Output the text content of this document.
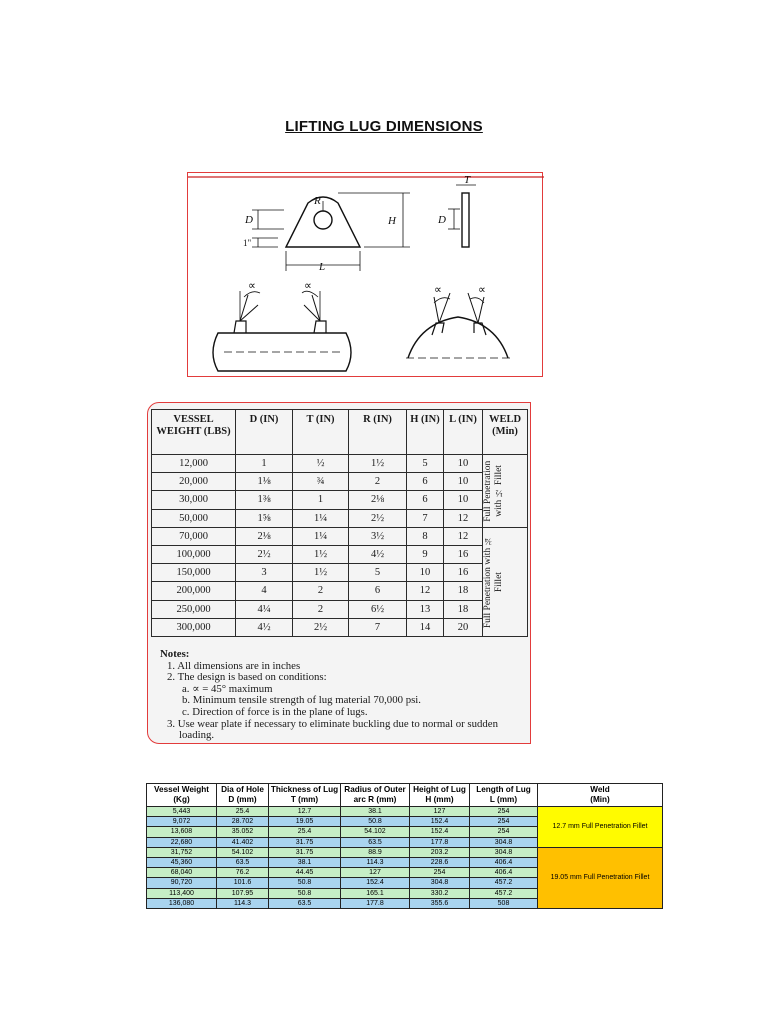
LIFTING LUG DIMENSIONS
R
D
1"
H
L
D
T
∝	∝	∝	∝
VESSEL WEIGHT (LBS)	D (IN)	T (IN)	R (IN)	H (IN)	L (IN)	WELD (Min)
12,000	1	½	1½	5	10	Full Penetration with ½ Fillet

20,000	1⅛	¾	2	6	10	
30,000	1⅜	1	2⅛	6	10	
50,000	1⅝	1¼	2½	7	12	
70,000	2⅛	1¼	3½	8	12	Full Penetration with ¾ Fillet

100,000	2½	1½	4½	9	16	
150,000	3	1½	5	10	16	
200,000	4	2	6	12	18	
250,000	4¼	2	6½	13	18	
300,000	4½	2½	7	14	20	
Notes:
1. All dimensions are in inches
2. The design is based on conditions:
a. ∝ = 45° maximum
b. Minimum tensile strength of lug material 70,000 psi.
c. Direction of force is in the plane of lugs.
3. Use wear plate if necessary to eliminate buckling due to normal or sudden
loading.
Vessel Weight
(Kg)	Dia of Hole
D (mm)	Thickness of Lug
T (mm)	Radius of Outer
arc R (mm)	Height of Lug
H (mm)	Length of Lug
L (mm)	Weld
(Min)
5,443	25.4	12.7	38.1	127	254	12.7 mm Full Penetration Fillet
9,072	28.702	19.05	50.8	152.4	254	
13,608	35.052	25.4	54.102	152.4	254	
22,680	41.402	31.75	63.5	177.8	304.8	
31,752	54.102	31.75	88.9	203.2	304.8	19.05 mm Full Penetration Fillet
45,360	63.5	38.1	114.3	228.6	406.4	
68,040	76.2	44.45	127	254	406.4	
90,720	101.6	50.8	152.4	304.8	457.2	
113,400	107.95	50.8	165.1	330.2	457.2	
136,080	114.3	63.5	177.8	355.6	508	
